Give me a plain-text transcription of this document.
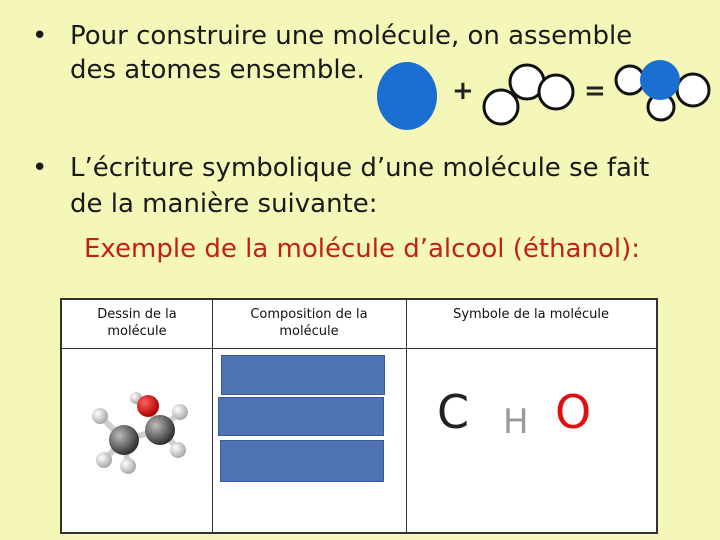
• Pour construire une molécule, on assemble
des atomes ensemble.
+	=
• L’écriture symbolique d’une molécule se fait
de la manière suivante:
Exemple de la molécule d’alcool (éthanol):
Dessin de la
molécule
Composition de la
molécule
Symbole de la molécule
C H O
